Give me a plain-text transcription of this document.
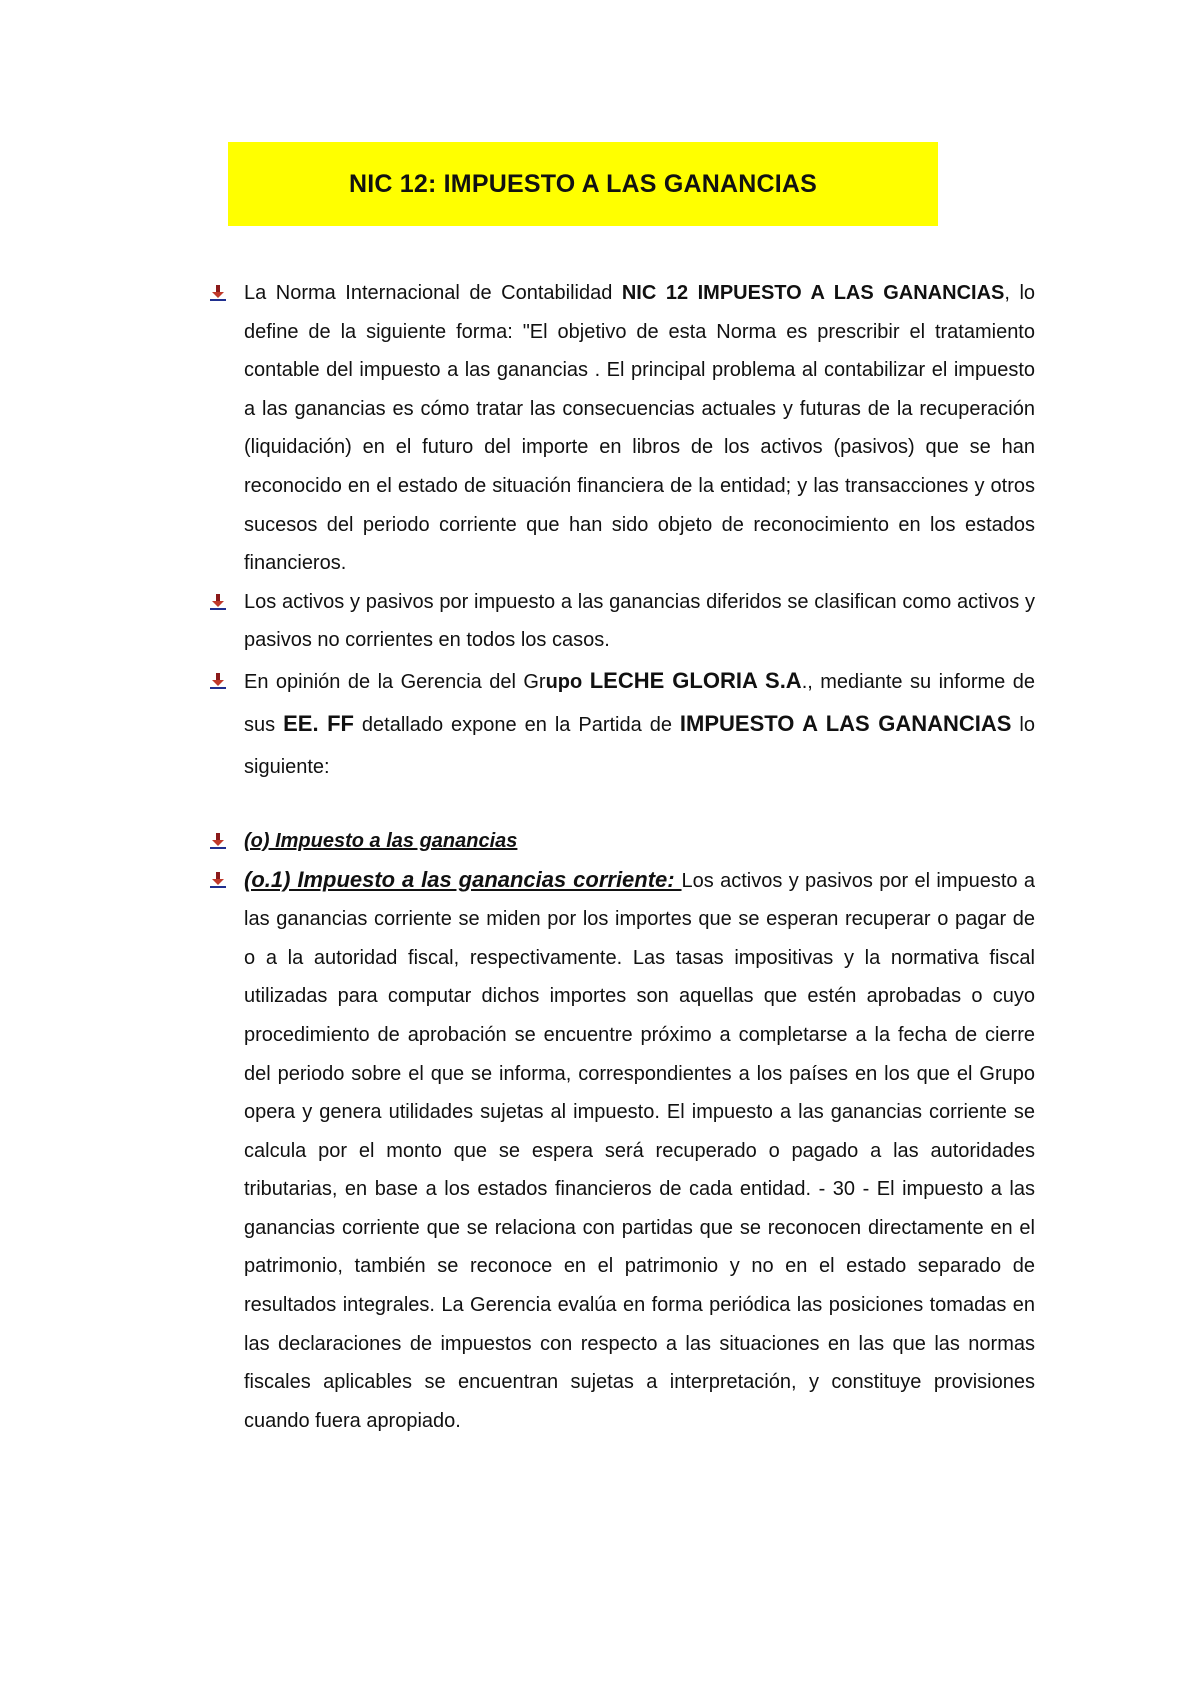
NIC 12: IMPUESTO A LAS GANANCIAS
La Norma Internacional de Contabilidad NIC 12 IMPUESTO A LAS GANANCIAS, lo define de la siguiente forma: "El objetivo de esta Norma es prescribir el tratamiento contable del impuesto a las ganancias . El principal problema al contabilizar el impuesto a las ganancias es cómo tratar las consecuencias actuales y futuras de la recuperación (liquidación) en el futuro del importe en libros de los activos (pasivos) que se han reconocido en el estado de situación financiera de la entidad; y las transacciones y otros sucesos del periodo corriente que han sido objeto de reconocimiento en los estados financieros.
Los activos y pasivos por impuesto a las ganancias diferidos se clasifican como activos y pasivos no corrientes en todos los casos.
En opinión de la Gerencia del Grupo LECHE GLORIA S.A., mediante su informe de sus EE. FF detallado expone en la Partida de IMPUESTO A LAS GANANCIAS lo siguiente:
(o) Impuesto a las ganancias
(o.1) Impuesto a las ganancias corriente: Los activos y pasivos por el impuesto a las ganancias corriente se miden por los importes que se esperan recuperar o pagar de o a la autoridad fiscal, respectivamente. Las tasas impositivas y la normativa fiscal utilizadas para computar dichos importes son aquellas que estén aprobadas o cuyo procedimiento de aprobación se encuentre próximo a completarse a la fecha de cierre del periodo sobre el que se informa, correspondientes a los países en los que el Grupo opera y genera utilidades sujetas al impuesto. El impuesto a las ganancias corriente se calcula por el monto que se espera será recuperado o pagado a las autoridades tributarias, en base a los estados financieros de cada entidad. - 30 - El impuesto a las ganancias corriente que se relaciona con partidas que se reconocen directamente en el patrimonio, también se reconoce en el patrimonio y no en el estado separado de resultados integrales. La Gerencia evalúa en forma periódica las posiciones tomadas en las declaraciones de impuestos con respecto a las situaciones en las que las normas fiscales aplicables se encuentran sujetas a interpretación, y constituye provisiones cuando fuera apropiado.
